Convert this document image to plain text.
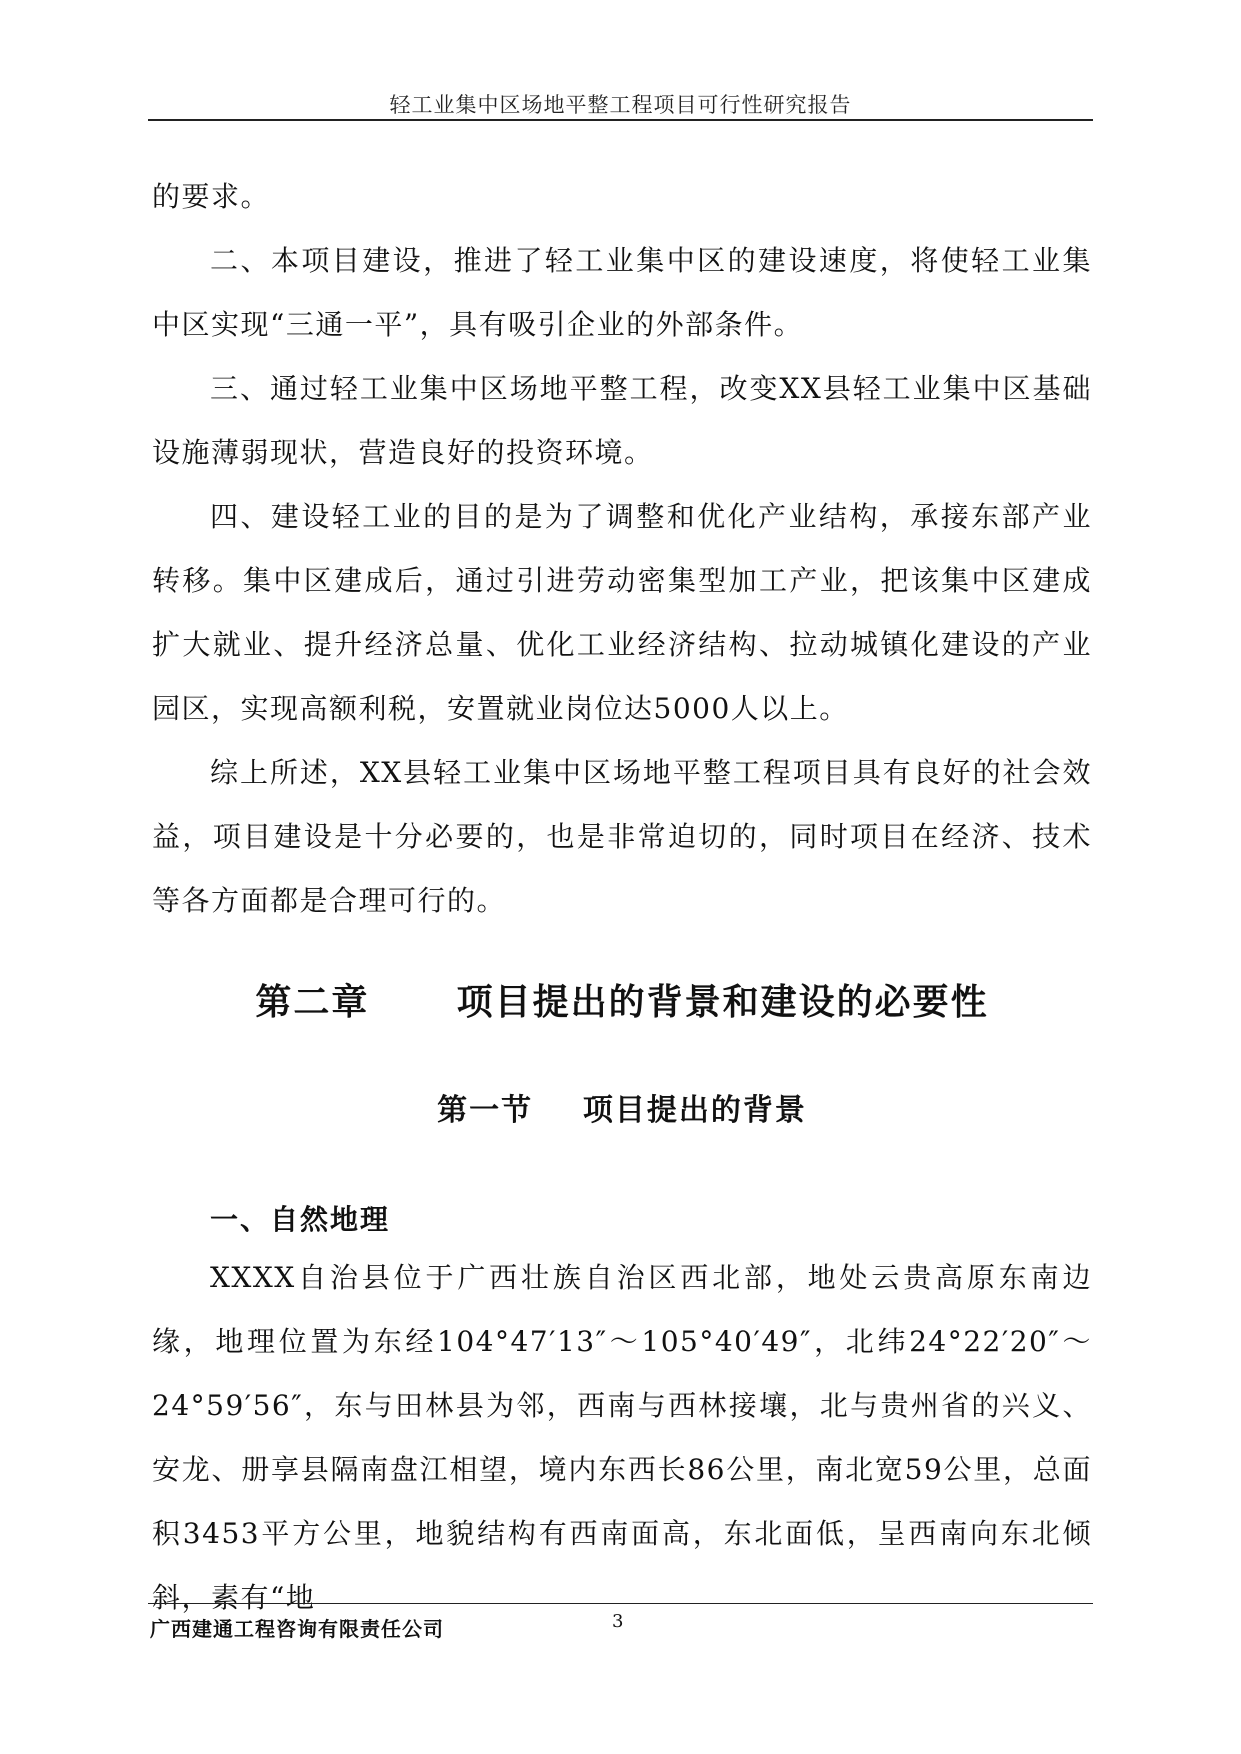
轻工业集中区场地平整工程项目可行性研究报告

的要求。

二、本项目建设，推进了轻工业集中区的建设速度，将使轻工业集中区实现“三通一平”，具有吸引企业的外部条件。

三、通过轻工业集中区场地平整工程，改变XX县轻工业集中区基础设施薄弱现状，营造良好的投资环境。

四、建设轻工业的目的是为了调整和优化产业结构，承接东部产业转移。集中区建成后，通过引进劳动密集型加工产业，把该集中区建成扩大就业、提升经济总量、优化工业经济结构、拉动城镇化建设的产业园区，实现高额利税，安置就业岗位达5000人以上。

综上所述，XX县轻工业集中区场地平整工程项目具有良好的社会效益，项目建设是十分必要的，也是非常迫切的，同时项目在经济、技术等各方面都是合理可行的。

第二章      项目提出的背景和建设的必要性
第一节    项目提出的背景
一、自然地理

XXXX自治县位于广西壮族自治区西北部，地处云贵高原东南边缘，地理位置为东经104°47′13″～105°40′49″，北纬24°22′20″～24°59′56″，东与田林县为邻，西南与西林接壤，北与贵州省的兴义、安龙、册享县隔南盘江相望，境内东西长86公里，南北宽59公里，总面积3453平方公里，地貌结构有西南面高，东北面低，呈西南向东北倾斜，素有“地

广西建通工程咨询有限责任公司	3
